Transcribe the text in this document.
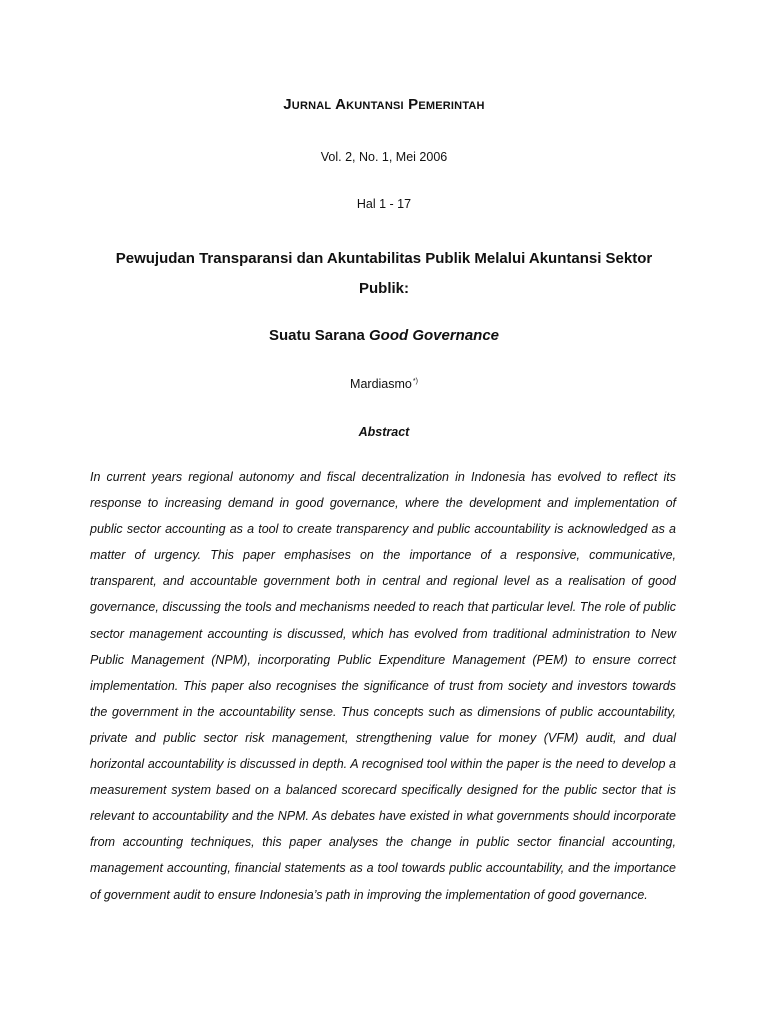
Jurnal Akuntansi Pemerintah
Vol. 2, No. 1, Mei 2006
Hal 1 - 17
Pewujudan Transparansi dan Akuntabilitas Publik Melalui Akuntansi Sektor Publik:
Suatu Sarana Good Governance
Mardiasmo*)
Abstract
In current years regional autonomy and fiscal decentralization in Indonesia has evolved to reflect its response to increasing demand in good governance, where the development and implementation of public sector accounting as a tool to create transparency and public accountability is acknowledged as a matter of urgency. This paper emphasises on the importance of a responsive, communicative, transparent, and accountable government both in central and regional level as a realisation of good governance, discussing the tools and mechanisms needed to reach that particular level. The role of public sector management accounting is discussed, which has evolved from traditional administration to New Public Management (NPM), incorporating Public Expenditure Management (PEM) to ensure correct implementation. This paper also recognises the significance of trust from society and investors towards the government in the accountability sense. Thus concepts such as dimensions of public accountability, private and public sector risk management, strengthening value for money (VFM) audit, and dual horizontal accountability is discussed in depth. A recognised tool within the paper is the need to develop a measurement system based on a balanced scorecard specifically designed for the public sector that is relevant to accountability and the NPM. As debates have existed in what governments should incorporate from accounting techniques, this paper analyses the change in public sector financial accounting, management accounting, financial statements as a tool towards public accountability, and the importance of government audit to ensure Indonesia’s path in improving the implementation of good governance.
